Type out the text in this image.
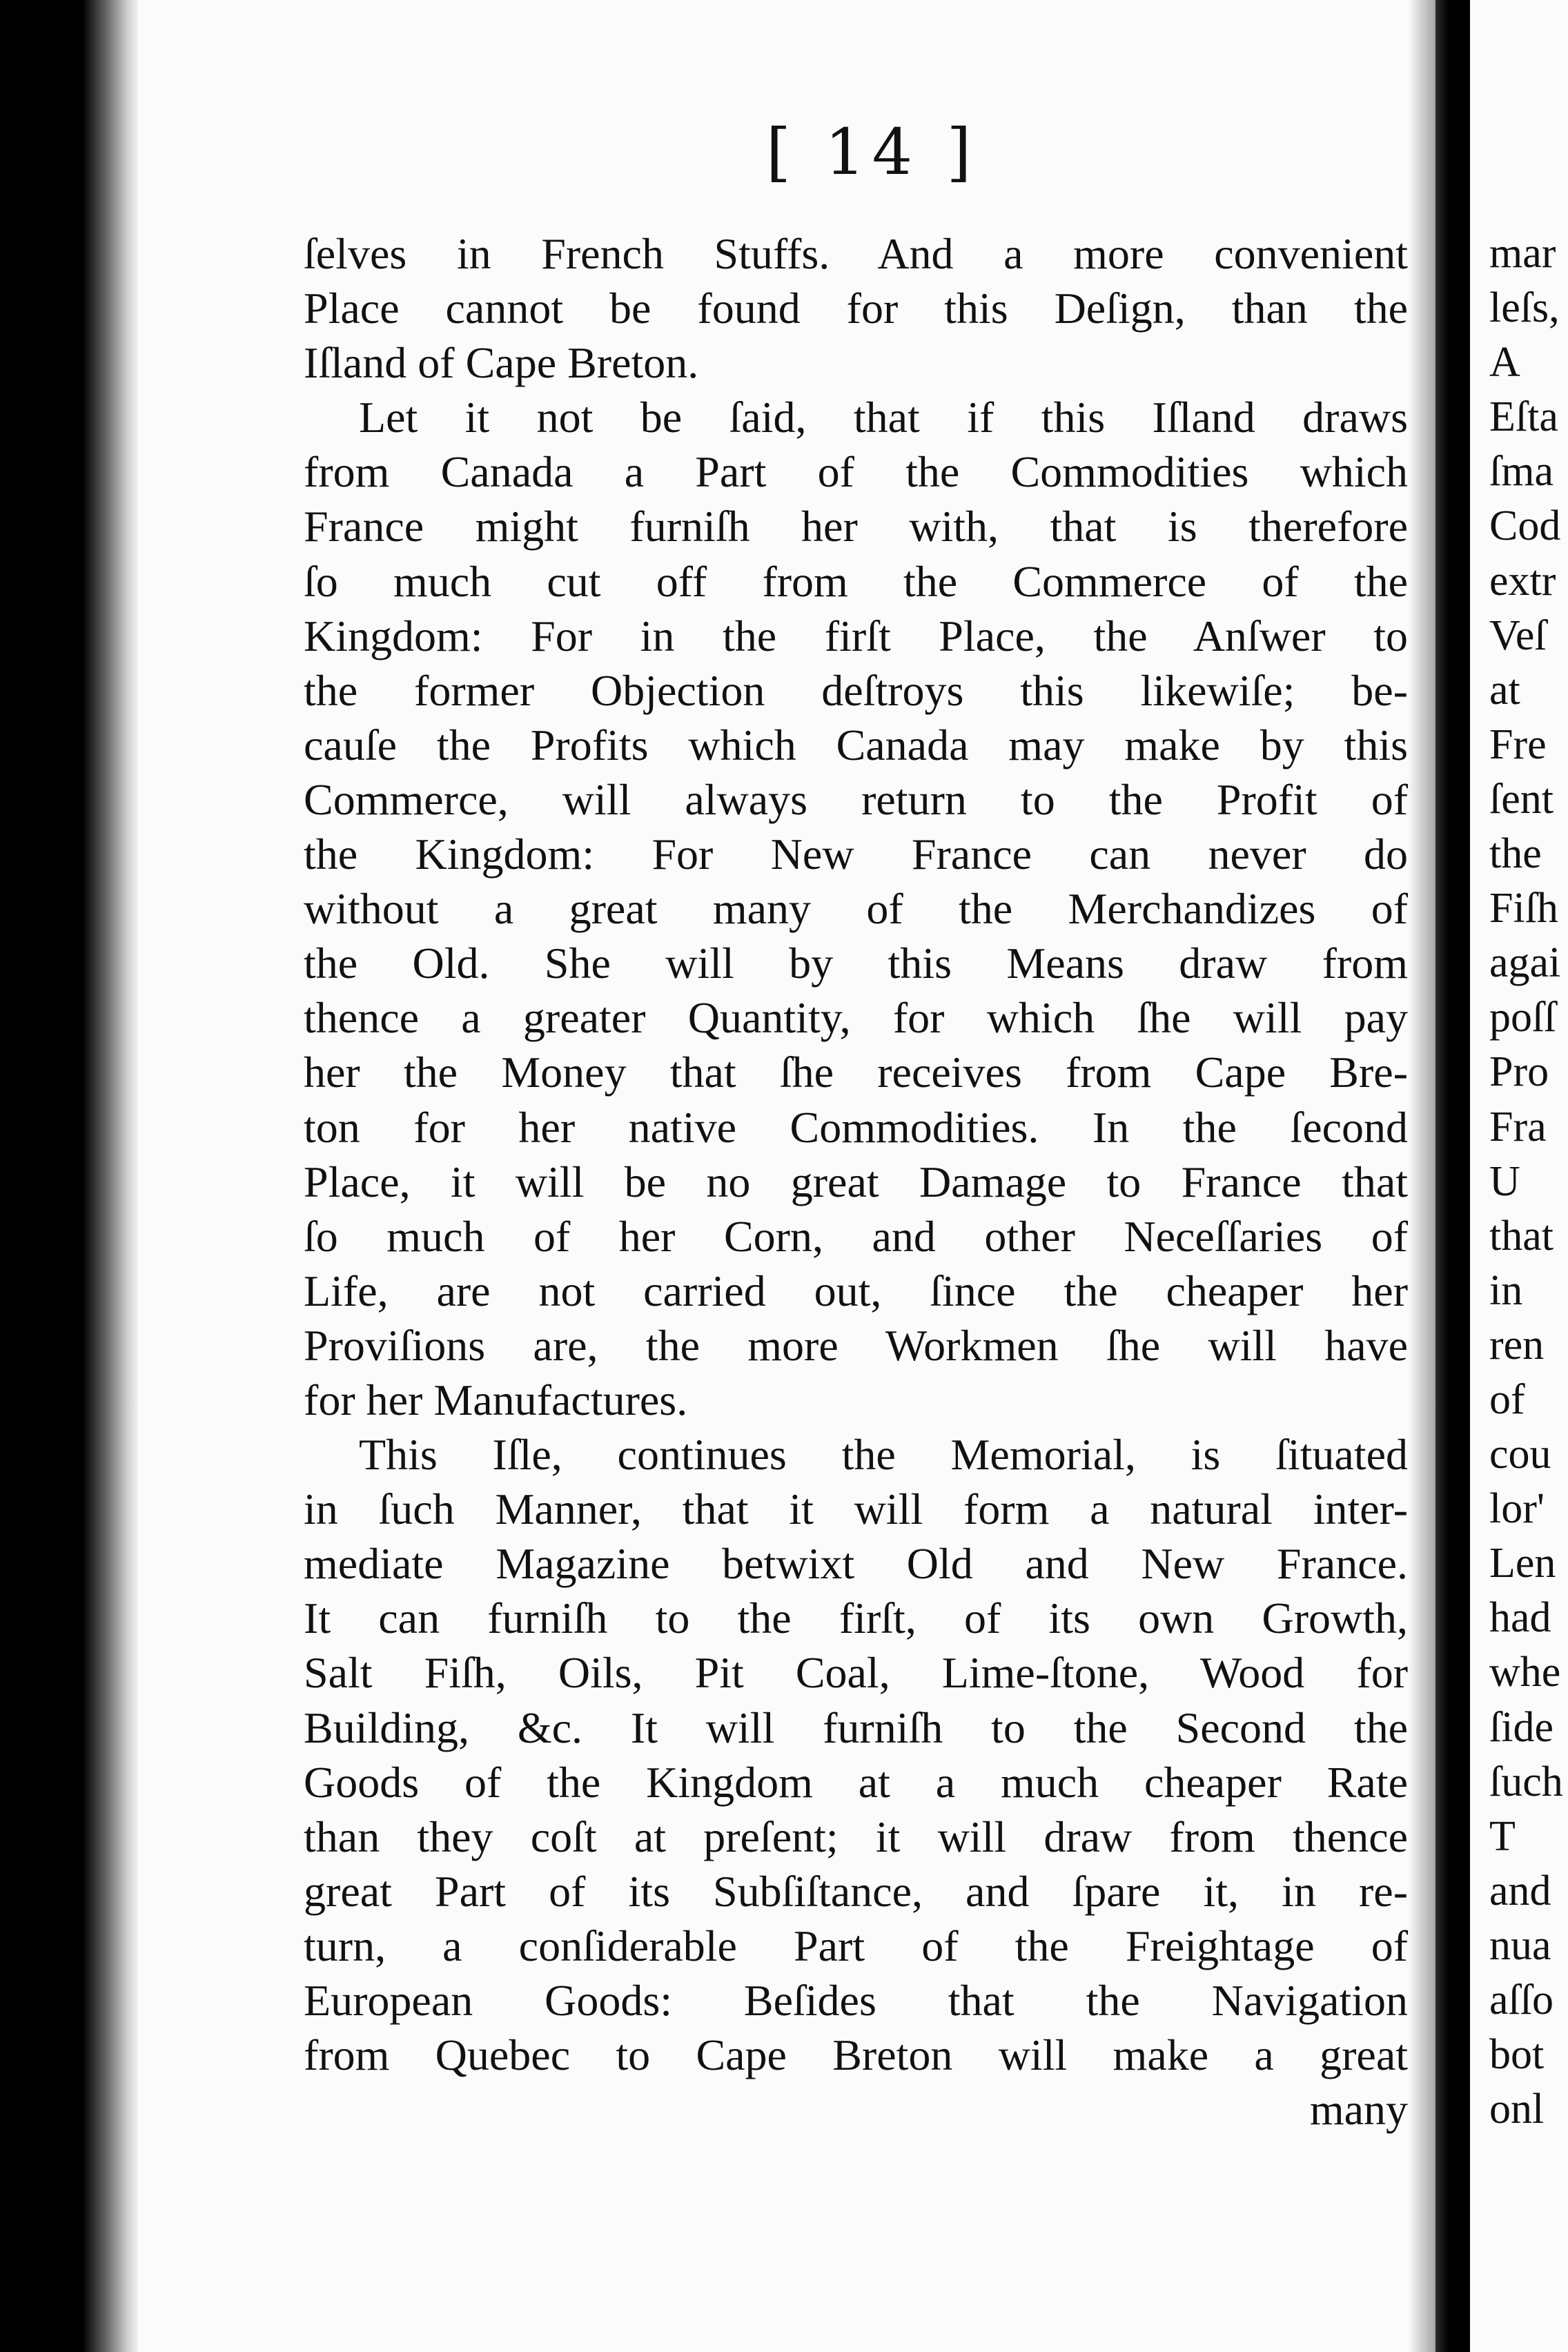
mar
leſs,
A
Eſta
ſma
Cod
extr
Veſ
at
Fre
ſent
the
Fiſh
agai
poſſ
Pro
Fra
U
that
in
ren
of
cou
lor'
Len
had
whe
ſide
ſuch
T
and
nua
aſſo
bot
onl
[ 14 ]
ſelves in French Stuffs. And a more convenient
Place cannot be found for this Deſign, than the
Iſland of Cape Breton.
Let it not be ſaid, that if this Iſland draws
from Canada a Part of the Commodities which
France might furniſh her with, that is therefore
ſo much cut off from the Commerce of the
Kingdom: For in the firſt Place, the Anſwer to
the former Objection deſtroys this likewiſe; be-
cauſe the Profits which Canada may make by this
Commerce, will always return to the Profit of
the Kingdom: For New France can never do
without a great many of the Merchandizes of
the Old. She will by this Means draw from
thence a greater Quantity, for which ſhe will pay
her the Money that ſhe receives from Cape Bre-
ton for her native Commodities. In the ſecond
Place, it will be no great Damage to France that
ſo much of her Corn, and other Neceſſaries of
Life, are not carried out, ſince the cheaper her
Proviſions are, the more Workmen ſhe will have
for her Manufactures.
This Iſle, continues the Memorial, is ſituated
in ſuch Manner, that it will form a natural inter-
mediate Magazine betwixt Old and New France.
It can furniſh to the firſt, of its own Growth,
Salt Fiſh, Oils, Pit Coal, Lime-ſtone, Wood for
Building, &c. It will furniſh to the Second the
Goods of the Kingdom at a much cheaper Rate
than they coſt at preſent; it will draw from thence
great Part of its Subſiſtance, and ſpare it, in re-
turn, a conſiderable Part of the Freightage of
European Goods: Beſides that the Navigation
from Quebec to Cape Breton will make a great
many
